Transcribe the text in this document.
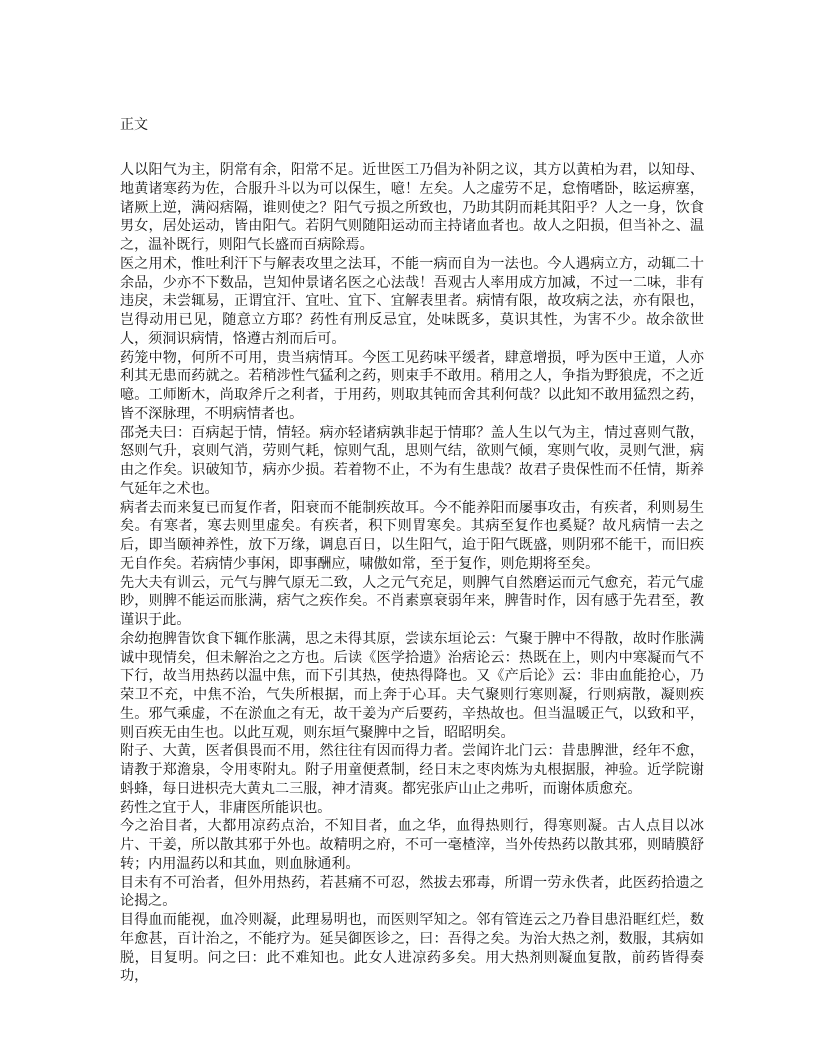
正文

人以阳气为主，阴常有余，阳常不足。近世医工乃倡为补阴之议，其方以黄柏为君，以知母、地黄诸寒药为佐，合服升斗以为可以保生，噫！左矣。人之虚劳不足，怠惰嗜卧，眩运痹塞，诸厥上逆，满闷痞隔，谁则使之？阳气亏损之所致也，乃助其阴而耗其阳乎？人之一身，饮食男女，居处运动，皆由阳气。若阴气则随阳运动而主持诸血者也。故人之阳损，但当补之、温之，温补既行，则阳气长盛而百病除焉。

医之用术，惟吐利汗下与解表攻里之法耳，不能一病而自为一法也。今人遇病立方，动辄二十余品，少亦不下数品，岂知仲景诸名医之心法哉！吾观古人率用成方加减，不过一二味，非有违戾，未尝辄易，正谓宜汗、宜吐、宜下、宜解表里者。病情有限，故攻病之法，亦有限也，岂得动用已见，随意立方耶？药性有刑反忌宜，处味既多，莫识其性，为害不少。故余欲世人，须洞识病情，恪遵古剂而后可。

药笼中物，何所不可用，贵当病情耳。今医工见药味平缓者，肆意增损，呼为医中王道，人亦利其无患而药就之。若稍涉性气猛利之药，则束手不敢用。稍用之人，争指为野狼虎，不之近噫。工师断木，尚取斧斤之利者，于用药，则取其钝而舍其利何哉？以此知不敢用猛烈之药，皆不深脉理，不明病情者也。

邵尧夫曰：百病起于情，情轻。病亦轻诸病孰非起于情耶？盖人生以气为主，情过喜则气散，怒则气升，哀则气消，劳则气耗，惊则气乱，思则气结，欲则气倾，寒则气收，灵则气泄，病由之作矣。识破知节，病亦少损。若着物不止，不为有生患哉？故君子贵保性而不任情，斯养气延年之术也。

病者去而来复已而复作者，阳衰而不能制疾故耳。今不能养阳而屡事攻击，有疾者，利则易生矣。有寒者，寒去则里虚矣。有疾者，积下则胃寒矣。其病至复作也奚疑？故凡病情一去之后，即当颐神养性，放下万缘，调息百日，以生阳气，迨于阳气既盛，则阴邪不能干，而旧疾无自作矣。若病情少事闲，即事酬应，啸傲如常，至于复作，则危期将至矣。

先大夫有训云，元气与脾气原无二致，人之元气充足，则脾气自然磨运而元气愈充，若元气虚眇，则脾不能运而胀满，痞气之疾作矣。不肖素禀衰弱年来，脾眚时作，因有感于先君至，教谨识于此。

余幼抱脾眚饮食下辄作胀满，思之未得其原，尝读东垣论云：气聚于脾中不得散，故时作胀满诚中现情矣，但未解治之之方也。后读《医学拾遗》治痞论云：热既在上，则内中寒凝而气不下行，故当用热药以温中焦，而下引其热，使热得降也。又《产后论》云：非由血能抢心，乃荣卫不充，中焦不治，气失所根据，而上奔于心耳。夫气聚则行寒则凝，行则病散，凝则疾生。邪气乘虚，不在淤血之有无，故干姜为产后要药，辛热故也。但当温暖正气，以致和平，则百疾无由生也。以此互观，则东垣气聚脾中之旨，昭昭明矣。

附子、大黄，医者俱畏而不用，然往往有因而得力者。尝闻许北门云：昔患脾泄，经年不愈，请教于郑澹泉，令用枣附丸。附子用童便煮制，经日末之枣肉炼为丸根据服，神验。近学院谢蚪蜂，每日进枳壳大黄丸二三服，神才清爽。都宪张庐山止之弗听，而谢体质愈充。

药性之宜于人，非庸医所能识也。

今之治目者，大都用凉药点治，不知目者，血之华，血得热则行，得寒则凝。古人点目以冰片、干姜，所以散其邪于外也。故精明之府，不可一毫楂滓，当外传热药以散其邪，则睛膜舒转；内用温药以和其血，则血脉通利。

目未有不可治者，但外用热药，若甚痛不可忍，然拔去邪毒，所谓一劳永佚者，此医药拾遗之论揭之。

目得血而能视，血冷则凝，此理易明也，而医则罕知之。邻有管连云之乃眷目患沿眶红烂，数年愈甚，百计治之，不能疗为。延吴御医诊之，曰：吾得之矣。为治大热之剂，数服，其病如脱，目复明。问之曰：此不难知也。此女人进凉药多矣。用大热剂则凝血复散，前药皆得奏功，
